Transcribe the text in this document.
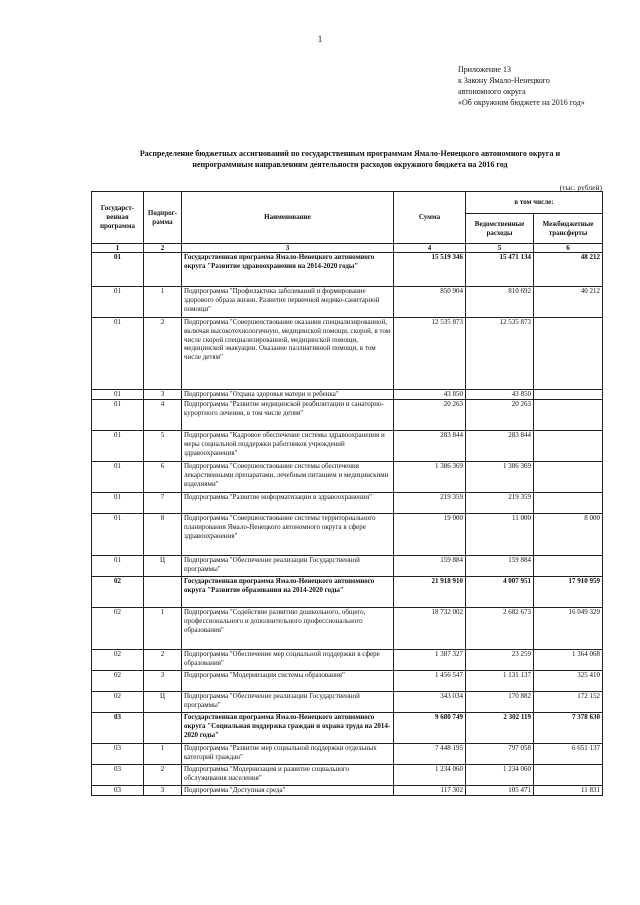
1
Приложение 13
к Закону Ямало-Ненецкого
автономного округа
«Об окружном бюджете на 2016 год»
Распределение бюджетных ассигнований по государственным программам Ямало-Ненецкого автономного округа и
непрограммным направлениям деятельности расходов окружного бюджета на 2016 год
(тыс. рублей)
Государст-венная программа	Подпрог-рамма	Наименование	Сумма	в том числе:	
				Ведомственные расходы	Межбюджетные трансферты
1	2	3	4	5	6
01		Государственная программа Ямало-Ненецкого автономного округа "Развитие здравоохранения на 2014-2020 годы"	15 519 346	15 471 134	48 212
01	1	Подпрограмма "Профилактика заболеваний и формирование здорового образа жизни. Развитие первичной медико-санитарной помощи"	850 904	810 692	40 212
01	2	Подпрограмма "Совершенствование оказания специализированной, включая высокотехнологичную, медицинской помощи, скорой, в том числе скорой специализированной, медицинской помощи, медицинской эвакуации. Оказание паллиативной помощи, в том числе детям"	12 535 873	12 535 873	
01	3	Подпрограмма "Охрана здоровья матери и ребенка"	43 850	43 850	
01	4	Подпрограмма "Развитие медицинской реабилитации и санаторно-курортного лечения, в том числе детям"	20 263	20 263	
01	5	Подпрограмма "Кадровое обеспечение системы здравоохранения и меры социальной поддержки работников учреждений здравоохранения"	283 844	283 844	
01	6	Подпрограмма "Совершенствование системы обеспечения лекарственными препаратами, лечебным питанием и медицинскими изделиями"	1 386 369	1 386 369	
01	7	Подпрограмма "Развитие информатизации в здравоохранении"	219 359	219 359	
01	8	Подпрограмма "Совершенствование системы территориального планирования Ямало-Ненецкого автономного округа в сфере здравоохранения"	19 000	11 000	8 000
01	Ц	Подпрограмма "Обеспечение реализации Государственной программы"	159 884	159 884	
02		Государственная программа Ямало-Ненецкого автономного округа "Развитие образования на 2014-2020 годы"	21 918 910	4 007 951	17 910 959
02	1	Подпрограмма "Содействие развитию дошкольного, общего, профессионального и дополнительного профессионального образования"	18 732 002	2 682 673	16 049 329
02	2	Подпрограмма "Обеспечение мер социальной поддержки в сфере образования"	1 387 327	23 259	1 364 068
02	3	Подпрограмма "Модернизация системы образования"	1 456 547	1 131 137	325 410
02	Ц	Подпрограмма "Обеспечение реализации Государственной программы"	343 034	170 882	172 152
03		Государственная программа Ямало-Ненецкого автономного округа "Социальная поддержка граждан и охрана труда на 2014-2020 годы"	9 680 749	2 302 119	7 378 630
03	1	Подпрограмма "Развитие мер социальной поддержки отдельных категорий граждан"	7 448 195	797 058	6 651 137
03	2	Подпрограмма "Модернизация и развитие социального обслуживания населения"	1 234 060	1 234 060	
03	3	Подпрограмма "Доступная среда"	117 302	105 471	11 831
